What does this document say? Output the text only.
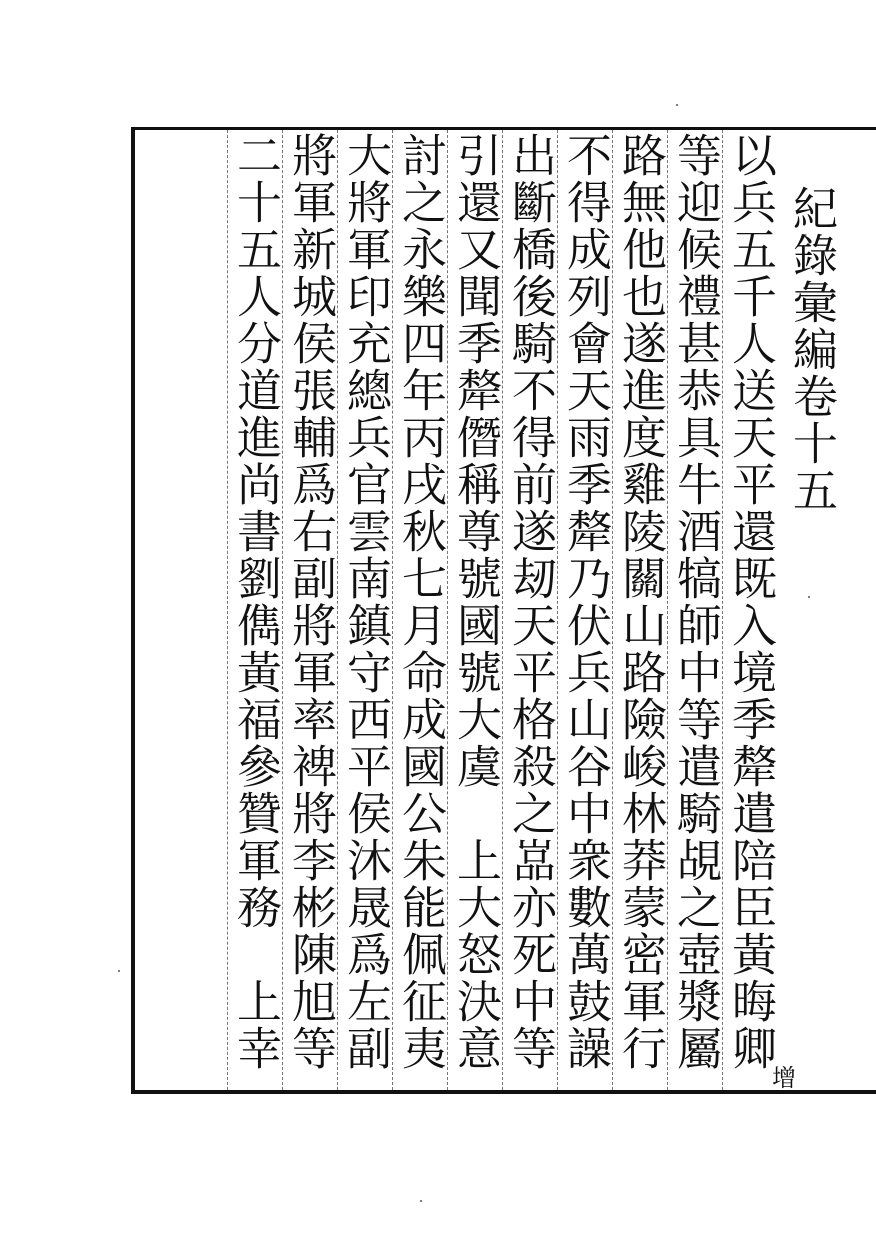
紀錄彙編卷十五
增
以兵五千人送天平還既入境季犛遣陪臣黃晦卿
等迎候禮甚恭具牛酒犒師中等遣騎覘之壺漿屬
路無他也遂進度雞陵關山路險峻林莽蒙密軍行
不得成列會天雨季犛乃伏兵山谷中衆數萬鼓譟
出斷橋後騎不得前遂刼天平格殺之嵓亦死中等
引還又聞季犛僭稱尊號國號大虞　上大怒決意
討之永樂四年丙戌秋七月命成國公朱能佩征夷
大將軍印充總兵官雲南鎮守西平侯沐晟爲左副
將軍新城侯張輔爲右副將軍率裨將李彬陳旭等
二十五人分道進尚書劉儁黃福參贊軍務　上幸
